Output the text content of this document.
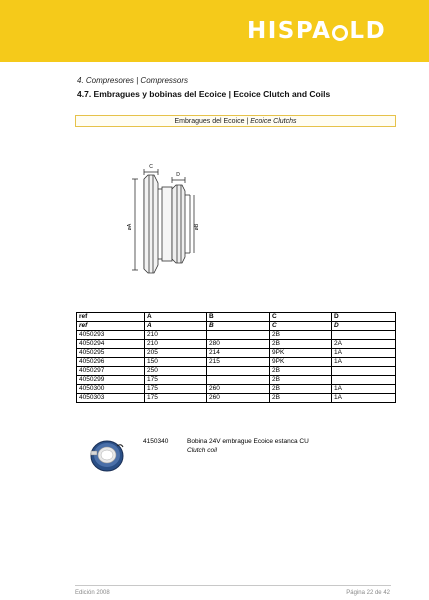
HISPA LD
4. Compresores | Compressors
4.7. Embragues y bobinas del Ecoice | Ecoice Clutch and Coils
Embragues del Ecoice | Ecoice Clutchs
C
D
øA	øB
ref	A	B	C	D
ref	A	B	C	D
4050293	210		2B	
4050294	210	280	2B	2A
4050295	205	214	9PK	1A
4050296	150	215	9PK	1A
4050297	250		2B	
4050299	175		2B	
4050300	175	260	2B	1A
4050303	175	260	2B	1A
4150340	Bobina 24V embrague Ecoice estanca CU
Clutch coil
Edición 2008	Página 22 de 42
